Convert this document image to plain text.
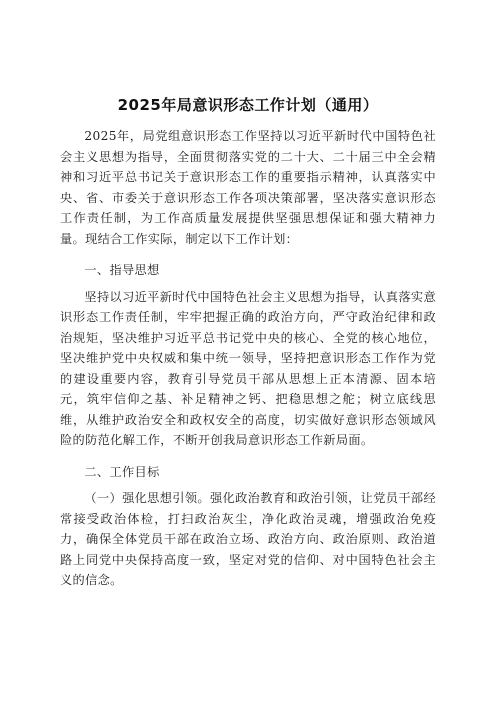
2025年局意识形态工作计划（通用）

2025年，局党组意识形态工作坚持以习近平新时代中国特色社会主义思想为指导，全面贯彻落实党的二十大、二十届三中全会精神和习近平总书记关于意识形态工作的重要指示精神，认真落实中央、省、市委关于意识形态工作各项决策部署，坚决落实意识形态工作责任制，为工作高质量发展提供坚强思想保证和强大精神力量。现结合工作实际，制定以下工作计划：

一、指导思想

坚持以习近平新时代中国特色社会主义思想为指导，认真落实意识形态工作责任制，牢牢把握正确的政治方向，严守政治纪律和政治规矩，坚决维护习近平总书记党中央的核心、全党的核心地位，坚决维护党中央权威和集中统一领导，坚持把意识形态工作作为党的建设重要内容，教育引导党员干部从思想上正本清源、固本培元，筑牢信仰之基、补足精神之钙、把稳思想之舵；树立底线思维，从维护政治安全和政权安全的高度，切实做好意识形态领域风险的防范化解工作，不断开创我局意识形态工作新局面。

二、工作目标

（一）强化思想引领。强化政治教育和政治引领，让党员干部经常接受政治体检，打扫政治灰尘，净化政治灵魂，增强政治免疫力，确保全体党员干部在政治立场、政治方向、政治原则、政治道路上同党中央保持高度一致，坚定对党的信仰、对中国特色社会主义的信念。
